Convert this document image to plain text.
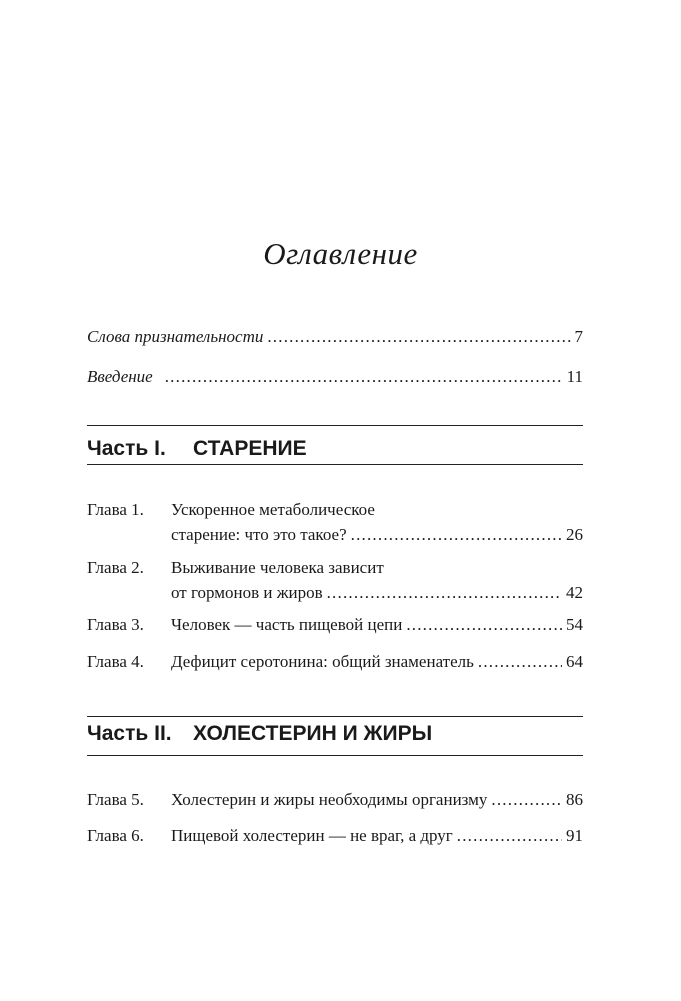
Оглавление
Слова признательности .....	7
Введение .....	11
Часть I. СТАРЕНИЕ
Глава 1. Ускоренное метаболическое
старение: что это такое? .....	26
Глава 2. Выживание человека зависит
от гормонов и жиров .....	42
Глава 3. Человек — часть пищевой цепи .....	54
Глава 4. Дефицит серотонина: общий знаменатель .....	64
Часть II. ХОЛЕСТЕРИН И ЖИРЫ
Глава 5. Холестерин и жиры необходимы организму .....	86
Глава 6. Пищевой холестерин — не враг, а друг .....	91
